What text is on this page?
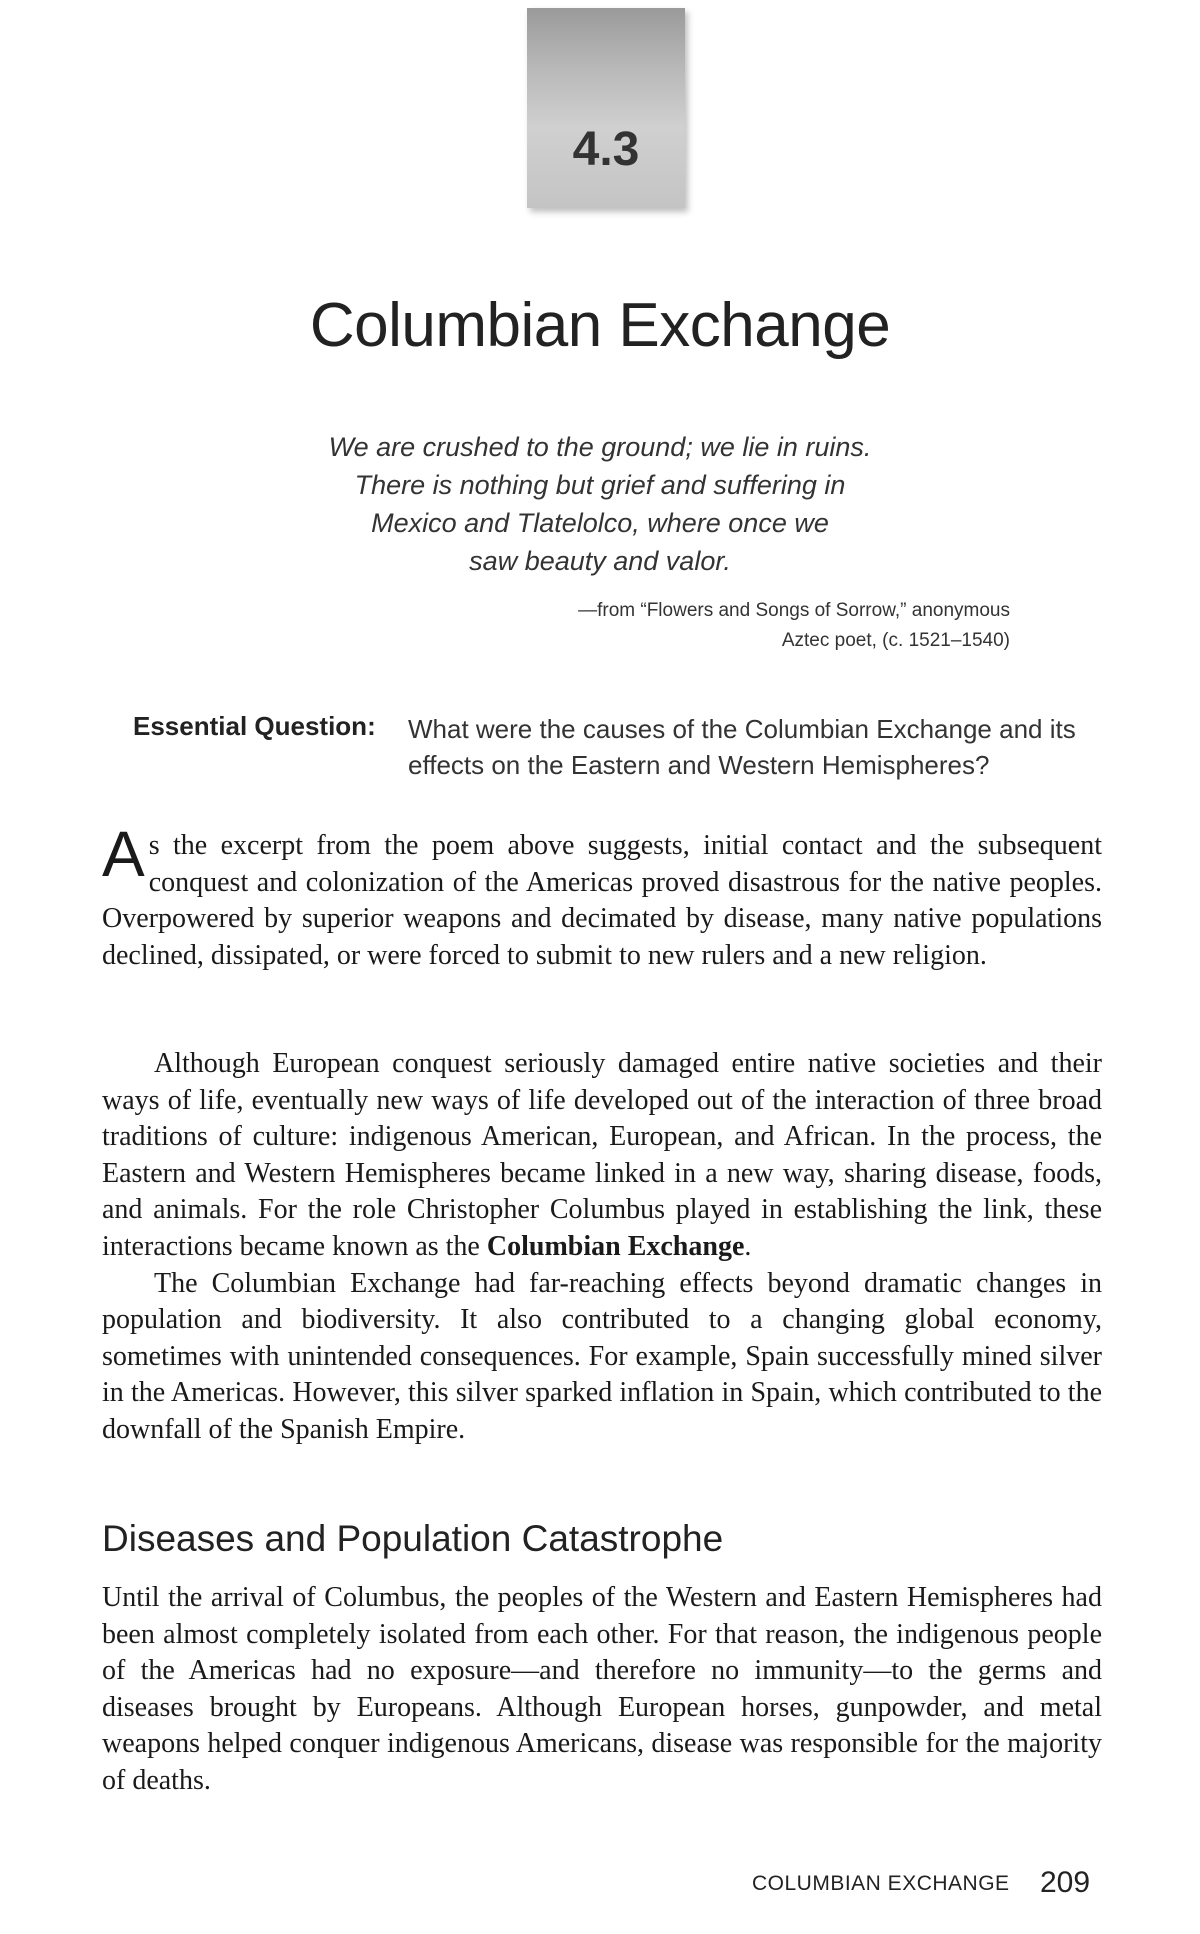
4.3
Columbian Exchange
We are crushed to the ground; we lie in ruins.
There is nothing but grief and suffering in
Mexico and Tlatelolco, where once we
saw beauty and valor.
—from “Flowers and Songs of Sorrow,” anonymous
Aztec poet, (c. 1521–1540)
Essential Question: What were the causes of the Columbian Exchange and its effects on the Eastern and Western Hemispheres?

As the excerpt from the poem above suggests, initial contact and the subsequent conquest and colonization of the Americas proved disastrous for the native peoples. Overpowered by superior weapons and decimated by disease, many native populations declined, dissipated, or were forced to submit to new rulers and a new religion.

Although European conquest seriously damaged entire native societies and their ways of life, eventually new ways of life developed out of the interaction of three broad traditions of culture: indigenous American, European, and African. In the process, the Eastern and Western Hemispheres became linked in a new way, sharing disease, foods, and animals. For the role Christopher Columbus played in establishing the link, these interactions became known as the Columbian Exchange.

The Columbian Exchange had far-reaching effects beyond dramatic changes in population and biodiversity. It also contributed to a changing global economy, sometimes with unintended consequences. For example, Spain successfully mined silver in the Americas. However, this silver sparked inflation in Spain, which contributed to the downfall of the Spanish Empire.

Diseases and Population Catastrophe

Until the arrival of Columbus, the peoples of the Western and Eastern Hemispheres had been almost completely isolated from each other. For that reason, the indigenous people of the Americas had no exposure—and therefore no immunity—to the germs and diseases brought by Europeans. Although European horses, gunpowder, and metal weapons helped conquer indigenous Americans, disease was responsible for the majority of deaths.

COLUMBIAN EXCHANGE 209
